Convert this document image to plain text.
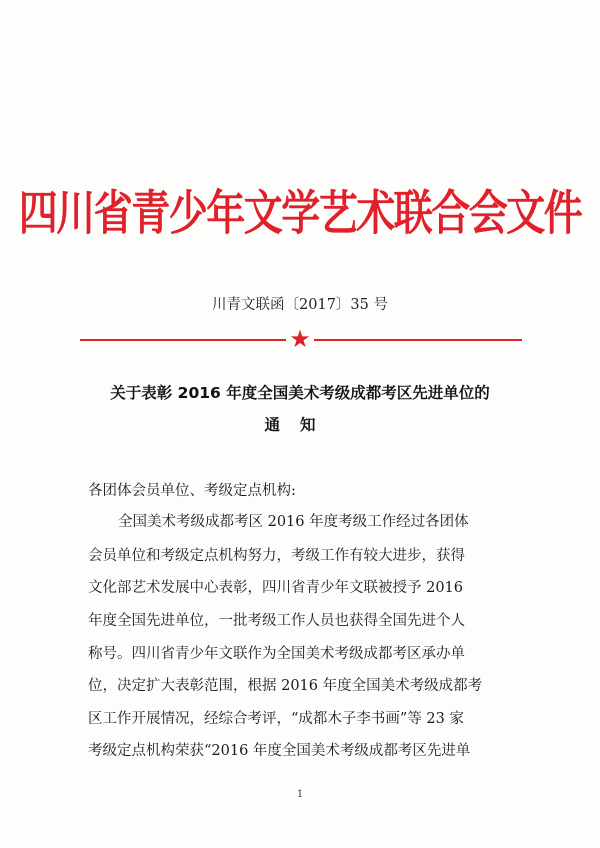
四川省青少年文学艺术联合会文件
川青文联函〔2017〕35 号
★
关于表彰 2016 年度全国美术考级成都考区先进单位的
通知
各团体会员单位、考级定点机构:
全国美术考级成都考区 2016 年度考级工作经过各团体
会员单位和考级定点机构努力，考级工作有较大进步，获得
文化部艺术发展中心表彰，四川省青少年文联被授予 2016
年度全国先进单位，一批考级工作人员也获得全国先进个人
称号。四川省青少年文联作为全国美术考级成都考区承办单
位，决定扩大表彰范围，根据 2016 年度全国美术考级成都考
区工作开展情况，经综合考评，“成都木子李书画”等 23 家
考级定点机构荣获“2016 年度全国美术考级成都考区先进单
1
